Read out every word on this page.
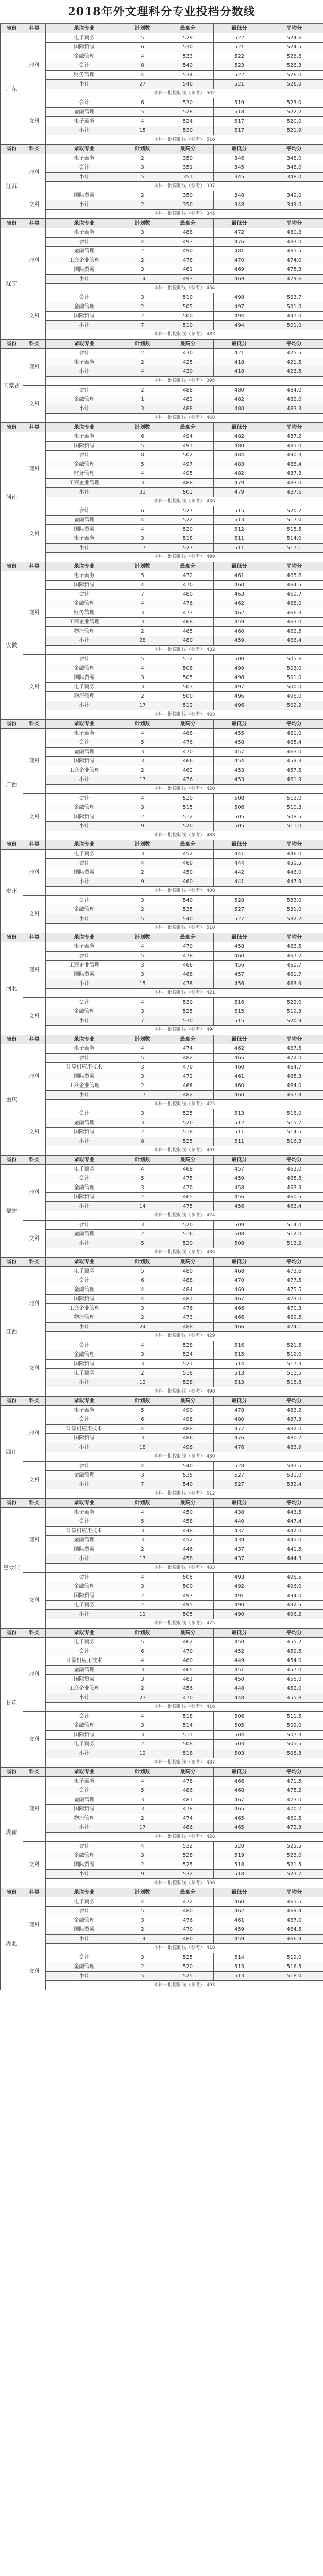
2018年外文理科分专业投档分数线
省份	科类	录取专业	计划数	最高分	最低分	平均分
广东	理科	电子商务	5	529	522	524.6
		国际贸易	6	530	521	524.5
		金融管理	4	533	522	526.8
		会计	8	540	523	528.3
		财务管理	4	534	522	526.0
		小计	27	540	521	526.0
		本科一批控制线（参考） 502				
	文科	会计	6	530	519	523.0
		金融管理	5	528	518	522.2
		电子商务	4	524	517	520.0
		小计	15	530	517	521.9
		本科一批控制线（参考） 516				
省份	科类	录取专业	计划数	最高分	最低分	平均分
江苏	理科	电子商务	2	350	346	348.0
		会计	3	351	345	348.0
		小计	5	351	345	348.0
		本科一批控制线（参考） 337				
	文科	国际贸易	2	350	348	349.0
		小计	2	350	348	349.0
		本科一批控制线（参考） 345				
省份	科类	录取专业	计划数	最高分	最低分	平均分
辽宁	理科	电子商务	3	488	472	480.3
		会计	4	493	476	483.0
		金融管理	2	490	481	485.5
		工商企业管理	2	478	470	474.0
		国际贸易	3	481	469	475.3
		小计	14	493	469	479.6
		本科一批控制线（参考） 454				
	文科	会计	3	510	498	503.7
		金融管理	2	505	497	501.0
		国际贸易	2	500	494	497.0
		小计	7	510	494	501.0
		本科一批控制线（参考） 483				
省份	科类	录取专业	计划数	最高分	最低分	平均分
内蒙古	理科	会计	2	430	421	425.5
		电子商务	2	425	418	421.5
		小计	4	430	418	423.5
		本科一批控制线（参考） 395				
	文科	会计	2	488	480	484.0
		金融管理	1	482	482	482.0
		小计	3	488	480	483.3
		本科一批控制线（参考） 468				
省份	科类	录取专业	计划数	最高分	最低分	平均分
河南	理科	电子商务	6	494	482	487.2
		国际贸易	5	491	480	485.0
		会计	8	502	484	490.3
		金融管理	5	497	483	488.4
		财务管理	4	495	482	487.8
		工商企业管理	3	488	479	483.0
		小计	31	502	479	487.6
		本科一批控制线（参考） 436				
	文科	会计	6	527	515	520.2
		金融管理	4	522	513	517.0
		国际贸易	4	520	512	515.5
		电子商务	3	518	511	514.0
		小计	17	527	511	517.1
		本科一批控制线（参考） 499				
省份	科类	录取专业	计划数	最高分	最低分	平均分
安徽	理科	电子商务	5	472	461	465.8
		国际贸易	4	470	460	464.5
		会计	7	480	463	469.7
		金融管理	4	476	462	468.0
		财务管理	3	473	462	466.3
		工商企业管理	3	468	459	463.0
		物流管理	2	465	460	462.5
		小计	28	480	459	466.4
		本科一批控制线（参考） 432				
	文科	会计	5	512	500	505.6
		金融管理	4	508	499	503.0
		国际贸易	3	505	498	501.0
		电子商务	3	503	497	500.0
		物流管理	2	500	496	498.0
		小计	17	512	496	502.2
		本科一批控制线（参考） 483				
省份	科类	录取专业	计划数	最高分	最低分	平均分
广西	理科	电子商务	4	468	455	461.0
		会计	5	476	458	465.4
		金融管理	3	470	457	463.0
		国际贸易	3	466	454	459.3
		工商企业管理	2	462	453	457.5
		小计	17	476	453	461.9
		本科一批控制线（参考） 420				
	文科	会计	4	520	508	513.0
		金融管理	3	515	506	510.3
		国际贸易	2	512	505	508.5
		小计	9	520	505	511.0
		本科一批控制线（参考） 488				
省份	科类	录取专业	计划数	最高分	最低分	平均分
贵州	理科	电子商务	3	452	441	446.0
		会计	4	460	444	450.5
		国际贸易	2	450	442	446.0
		小计	9	460	441	447.9
		本科一批控制线（参考） 408				
	文科	会计	3	540	528	533.0
		金融管理	2	535	527	531.0
		小计	5	540	527	532.2
		本科一批控制线（参考） 510				
省份	科类	录取专业	计划数	最高分	最低分	平均分
河北	理科	电子商务	4	470	458	463.5
		会计	5	478	460	467.2
		工商企业管理	3	466	456	460.7
		国际贸易	3	468	457	461.7
		小计	15	478	456	463.9
		本科一批控制线（参考） 421				
	文科	会计	4	530	516	522.0
		金融管理	3	525	515	519.3
		小计	7	530	515	520.9
		本科一批控制线（参考） 494				
省份	科类	录取专业	计划数	最高分	最低分	平均分
重庆	理科	电子商务	4	474	462	467.5
		会计	5	482	465	472.0
		计算机应用技术	3	470	460	464.7
		国际贸易	3	472	461	465.3
		工商企业管理	2	468	460	464.0
		小计	17	482	460	467.4
		本科一批控制线（参考） 425				
	文科	会计	3	525	513	518.0
		金融管理	3	520	512	515.7
		国际贸易	2	518	511	514.5
		小计	8	525	511	516.3
		本科一批控制线（参考） 491				
省份	科类	录取专业	计划数	最高分	最低分	平均分
福建	理科	电子商务	4	468	457	462.0
		会计	5	475	459	465.8
		金融管理	3	470	458	463.3
		国际贸易	2	465	456	460.5
		小计	14	475	456	463.4
		本科一批控制线（参考） 424				
	文科	会计	3	520	509	514.0
		金融管理	2	516	508	512.0
		小计	5	520	508	513.2
		本科一批控制线（参考） 486				
省份	科类	录取专业	计划数	最高分	最低分	平均分
江西	理科	电子商务	5	480	468	473.6
		会计	6	488	470	477.5
		金融管理	4	484	469	475.5
		国际贸易	4	481	467	473.0
		工商企业管理	3	476	466	470.3
		物流管理	2	473	466	469.5
		小计	24	488	466	474.1
		本科一批控制线（参考） 429				
	文科	会计	4	528	516	521.5
		金融管理	3	524	515	519.0
		国际贸易	3	521	514	517.3
		电子商务	2	518	513	515.5
		小计	12	528	513	518.8
		本科一批控制线（参考） 498				
省份	科类	录取专业	计划数	最高分	最低分	平均分
四川	理科	电子商务	5	490	478	483.2
		会计	6	498	480	487.3
		计算机应用技术	4	488	477	482.0
		国际贸易	3	486	476	480.7
		小计	18	498	476	483.9
		本科一批控制线（参考） 436				
	文科	会计	4	540	528	533.5
		金融管理	3	535	527	531.0
		小计	7	540	527	532.4
		本科一批控制线（参考） 512				
省份	科类	录取专业	计划数	最高分	最低分	平均分
黑龙江	理科	电子商务	4	450	438	443.5
		会计	5	458	440	447.4
		计算机应用技术	3	448	437	442.0
		金融管理	3	452	439	445.0
		国际贸易	2	446	437	441.5
		小计	17	458	437	444.3
		本科一批控制线（参考） 403				
	文科	会计	4	505	493	498.5
		金融管理	3	500	492	496.0
		国际贸易	2	497	491	494.0
		电子商务	2	495	490	492.5
		小计	11	505	490	496.2
		本科一批控制线（参考） 475				
省份	科类	录取专业	计划数	最高分	最低分	平均分
甘肃	理科	电子商务	5	462	450	455.2
		会计	6	470	452	459.5
		计算机应用技术	4	460	449	454.0
		金融管理	3	465	451	457.0
		国际贸易	3	461	450	455.0
		工商企业管理	2	456	448	452.0
		小计	23	470	448	455.8
		本科一批控制线（参考） 416				
	文科	会计	4	518	506	511.5
		金融管理	3	514	505	509.0
		国际贸易	3	511	504	507.3
		电子商务	2	508	503	505.5
		小计	12	518	503	508.8
		本科一批控制线（参考） 487				
省份	科类	录取专业	计划数	最高分	最低分	平均分
湖南	理科	电子商务	4	478	466	471.5
		会计	5	486	468	475.2
		金融管理	3	481	467	473.0
		国际贸易	3	478	465	470.7
		物流管理	2	474	465	469.5
		小计	17	486	465	472.3
		本科一批控制线（参考） 428				
	文科	会计	4	532	520	525.5
		金融管理	3	528	519	523.0
		国际贸易	2	525	518	521.5
		小计	9	532	518	523.7
		本科一批控制线（参考） 506				
省份	科类	录取专业	计划数	最高分	最低分	平均分
湖北	理科	电子商务	4	472	460	465.5
		会计	5	480	462	469.4
		金融管理	3	476	461	467.0
		国际贸易	2	470	459	464.5
		小计	14	480	459	466.9
		本科一批控制线（参考） 418				
	文科	会计	3	525	514	519.0
		金融管理	2	520	513	516.5
		小计	5	525	513	518.0
		本科一批控制线（参考） 493				
